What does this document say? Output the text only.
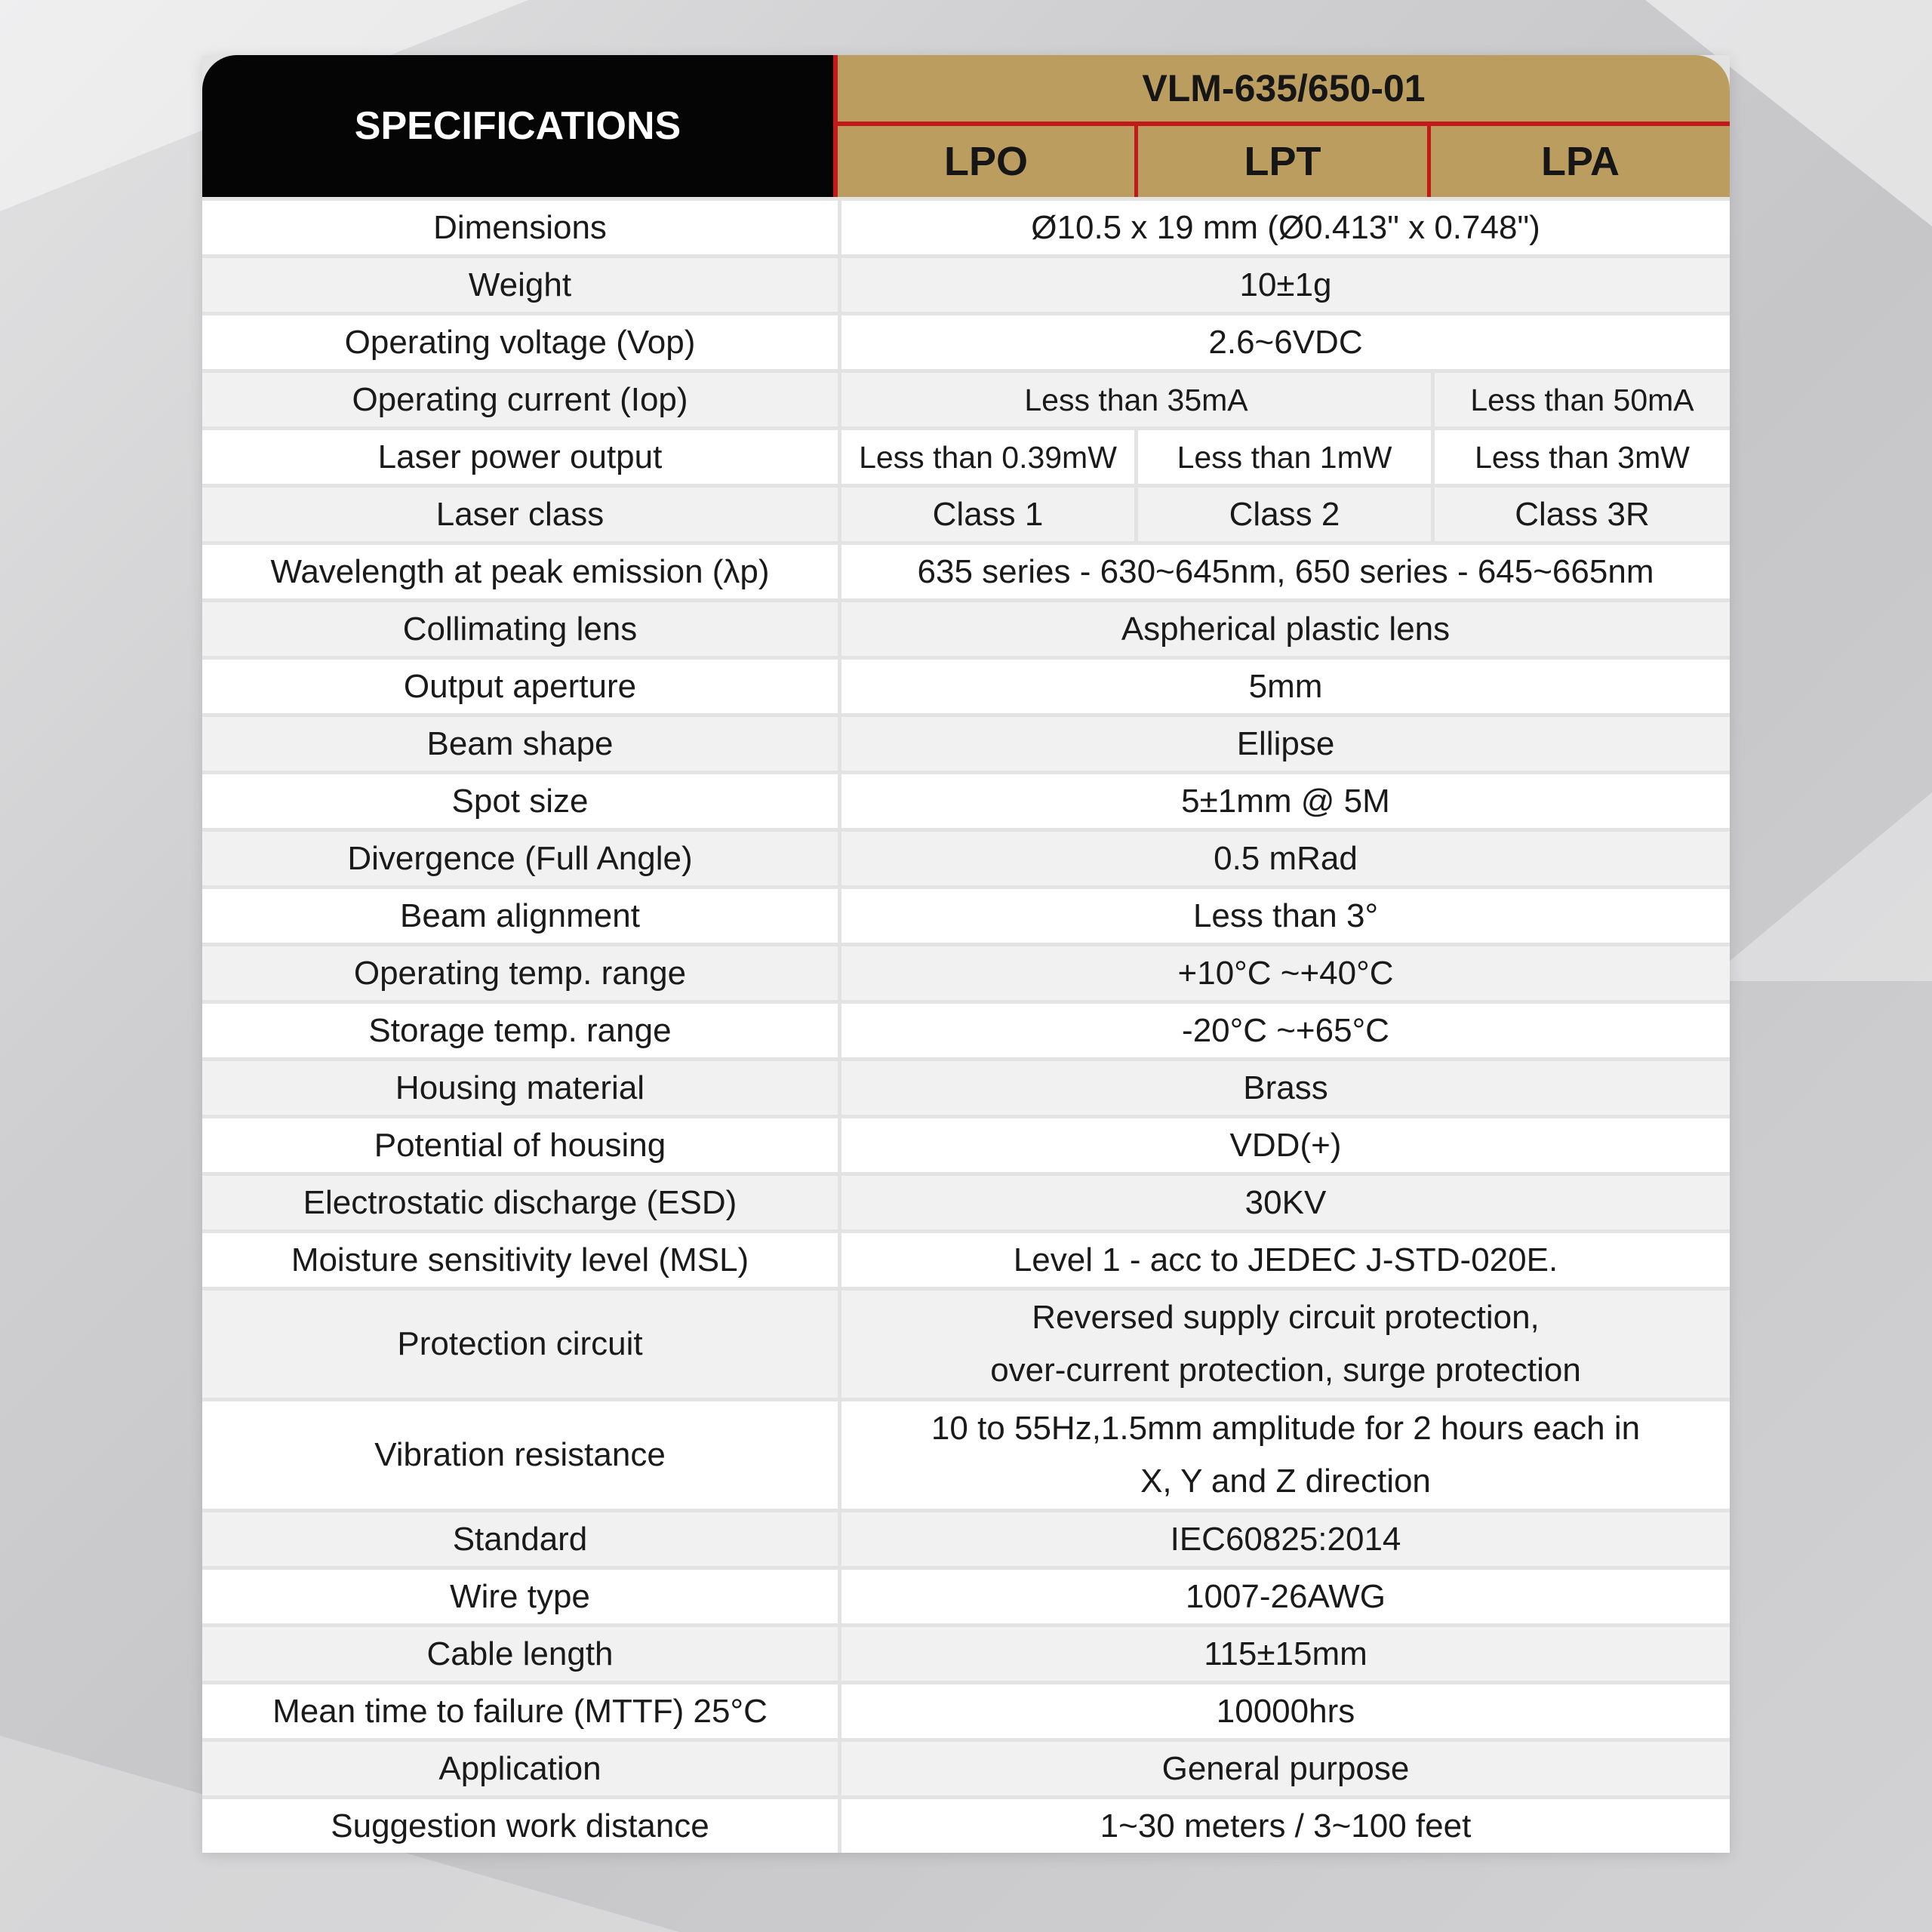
SPECIFICATIONS	VLM-635/650-01		
	LPO	LPT	LPA
Dimensions	Ø10.5 x 19 mm (Ø0.413" x 0.748")		
Weight	10±1g		
Operating voltage (Vop)	2.6~6VDC		
Operating current (Iop)	Less than 35mA		Less than 50mA
Laser power output	Less than 0.39mW	Less than 1mW	Less than 3mW
Laser class	Class 1	Class 2	Class 3R
Wavelength at peak emission (λp)	635 series - 630~645nm, 650 series - 645~665nm		
Collimating lens	Aspherical plastic lens		
Output aperture	5mm		
Beam shape	Ellipse		
Spot size	5±1mm @ 5M		
Divergence (Full Angle)	0.5 mRad		
Beam alignment	Less than 3°		
Operating temp. range	+10°C ~+40°C		
Storage temp. range	-20°C ~+65°C		
Housing material	Brass		
Potential of housing	VDD(+)		
Electrostatic discharge (ESD)	30KV		
Moisture sensitivity level (MSL)	Level 1 - acc to JEDEC J-STD-020E.		
Protection circuit	Reversed supply circuit protection,
over-current protection, surge protection		

Vibration resistance	10 to 55Hz,1.5mm amplitude for 2 hours each in
X, Y and Z direction		

Standard	IEC60825:2014		
Wire type	1007-26AWG		
Cable length	115±15mm		
Mean time to failure (MTTF) 25°C	10000hrs		
Application	General purpose		
Suggestion work distance	1~30 meters / 3~100 feet		
